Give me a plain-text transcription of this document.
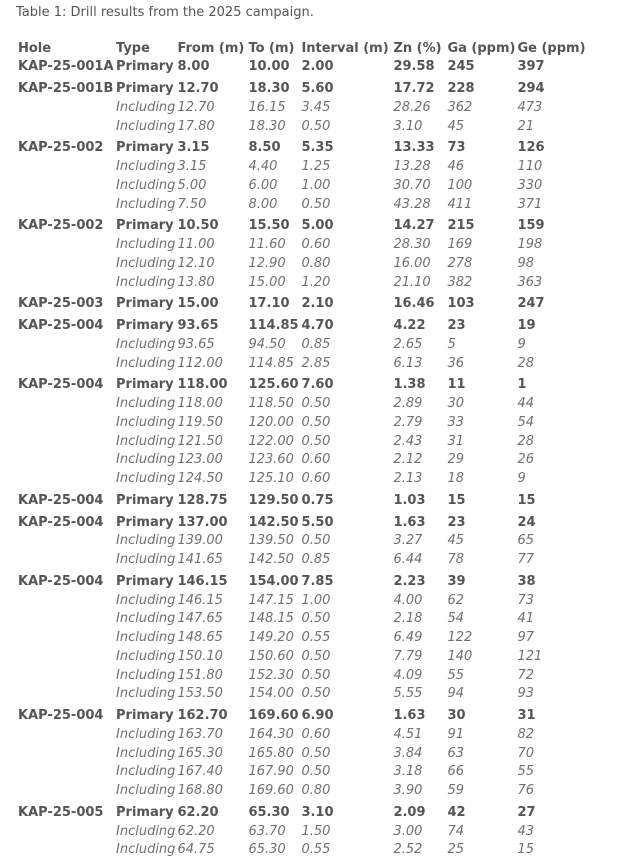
Table 1: Drill results from the 2025 campaign.
Hole	Type	From (m)	To (m)	Interval (m)	Zn (%)	Ga (ppm)	Ge (ppm)
KAP-25-001A	Primary	8.00	10.00	2.00	29.58	245	397
KAP-25-001B	Primary	12.70	18.30	5.60	17.72	228	294
	Including	12.70	16.15	3.45	28.26	362	473
	Including	17.80	18.30	0.50	3.10	45	21
KAP-25-002	Primary	3.15	8.50	5.35	13.33	73	126
	Including	3.15	4.40	1.25	13.28	46	110
	Including	5.00	6.00	1.00	30.70	100	330
	Including	7.50	8.00	0.50	43.28	411	371
KAP-25-002	Primary	10.50	15.50	5.00	14.27	215	159
	Including	11.00	11.60	0.60	28.30	169	198
	Including	12.10	12.90	0.80	16.00	278	98
	Including	13.80	15.00	1.20	21.10	382	363
KAP-25-003	Primary	15.00	17.10	2.10	16.46	103	247
KAP-25-004	Primary	93.65	114.85	4.70	4.22	23	19
	Including	93.65	94.50	0.85	2.65	5	9
	Including	112.00	114.85	2.85	6.13	36	28
KAP-25-004	Primary	118.00	125.60	7.60	1.38	11	1
	Including	118.00	118.50	0.50	2.89	30	44
	Including	119.50	120.00	0.50	2.79	33	54
	Including	121.50	122.00	0.50	2.43	31	28
	Including	123.00	123.60	0.60	2.12	29	26
	Including	124.50	125.10	0.60	2.13	18	9
KAP-25-004	Primary	128.75	129.50	0.75	1.03	15	15
KAP-25-004	Primary	137.00	142.50	5.50	1.63	23	24
	Including	139.00	139.50	0.50	3.27	45	65
	Including	141.65	142.50	0.85	6.44	78	77
KAP-25-004	Primary	146.15	154.00	7.85	2.23	39	38
	Including	146.15	147.15	1.00	4.00	62	73
	Including	147.65	148.15	0.50	2.18	54	41
	Including	148.65	149.20	0.55	6.49	122	97
	Including	150.10	150.60	0.50	7.79	140	121
	Including	151.80	152.30	0.50	4.09	55	72
	Including	153.50	154.00	0.50	5.55	94	93
KAP-25-004	Primary	162.70	169.60	6.90	1.63	30	31
	Including	163.70	164.30	0.60	4.51	91	82
	Including	165.30	165.80	0.50	3.84	63	70
	Including	167.40	167.90	0.50	3.18	66	55
	Including	168.80	169.60	0.80	3.90	59	76
KAP-25-005	Primary	62.20	65.30	3.10	2.09	42	27
	Including	62.20	63.70	1.50	3.00	74	43
	Including	64.75	65.30	0.55	2.52	25	15
